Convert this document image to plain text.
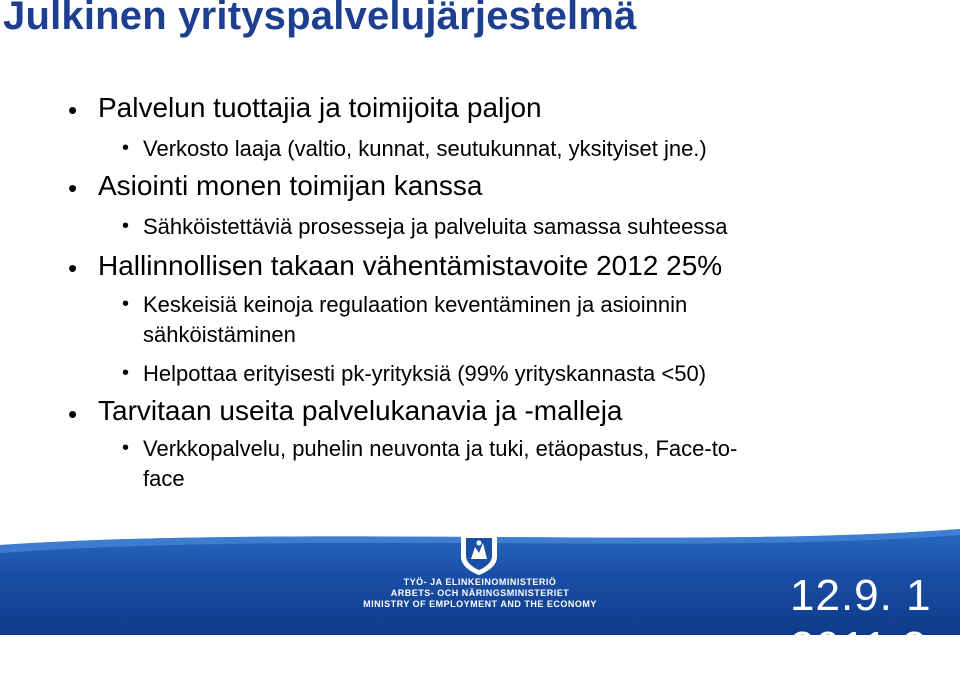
Julkinen yrityspalvelujärjestelmä
• Palvelun tuottajia ja toimijoita paljon
• Verkosto laaja (valtio, kunnat, seutukunnat, yksityiset jne.)
• Asiointi monen toimijan kanssa
• Sähköistettäviä prosesseja ja palveluita samassa suhteessa
• Hallinnollisen takaan vähentämistavoite 2012 25%
• Keskeisiä keinoja regulaation keventäminen ja asioinnin
sähköistäminen
• Helpottaa erityisesti pk-yrityksiä (99% yrityskannasta <50)
• Tarvitaan useita palvelukanavia ja -malleja
• Verkkopalvelu, puhelin neuvonta ja tuki, etäopastus, Face-to-
face
TYÖ- JA ELINKEINOMINISTERIÖ
ARBETS- OCH NÄRINGSMINISTERIET
MINISTRY OF EMPLOYMENT AND THE ECONOMY	12.9. 1
2011 2
